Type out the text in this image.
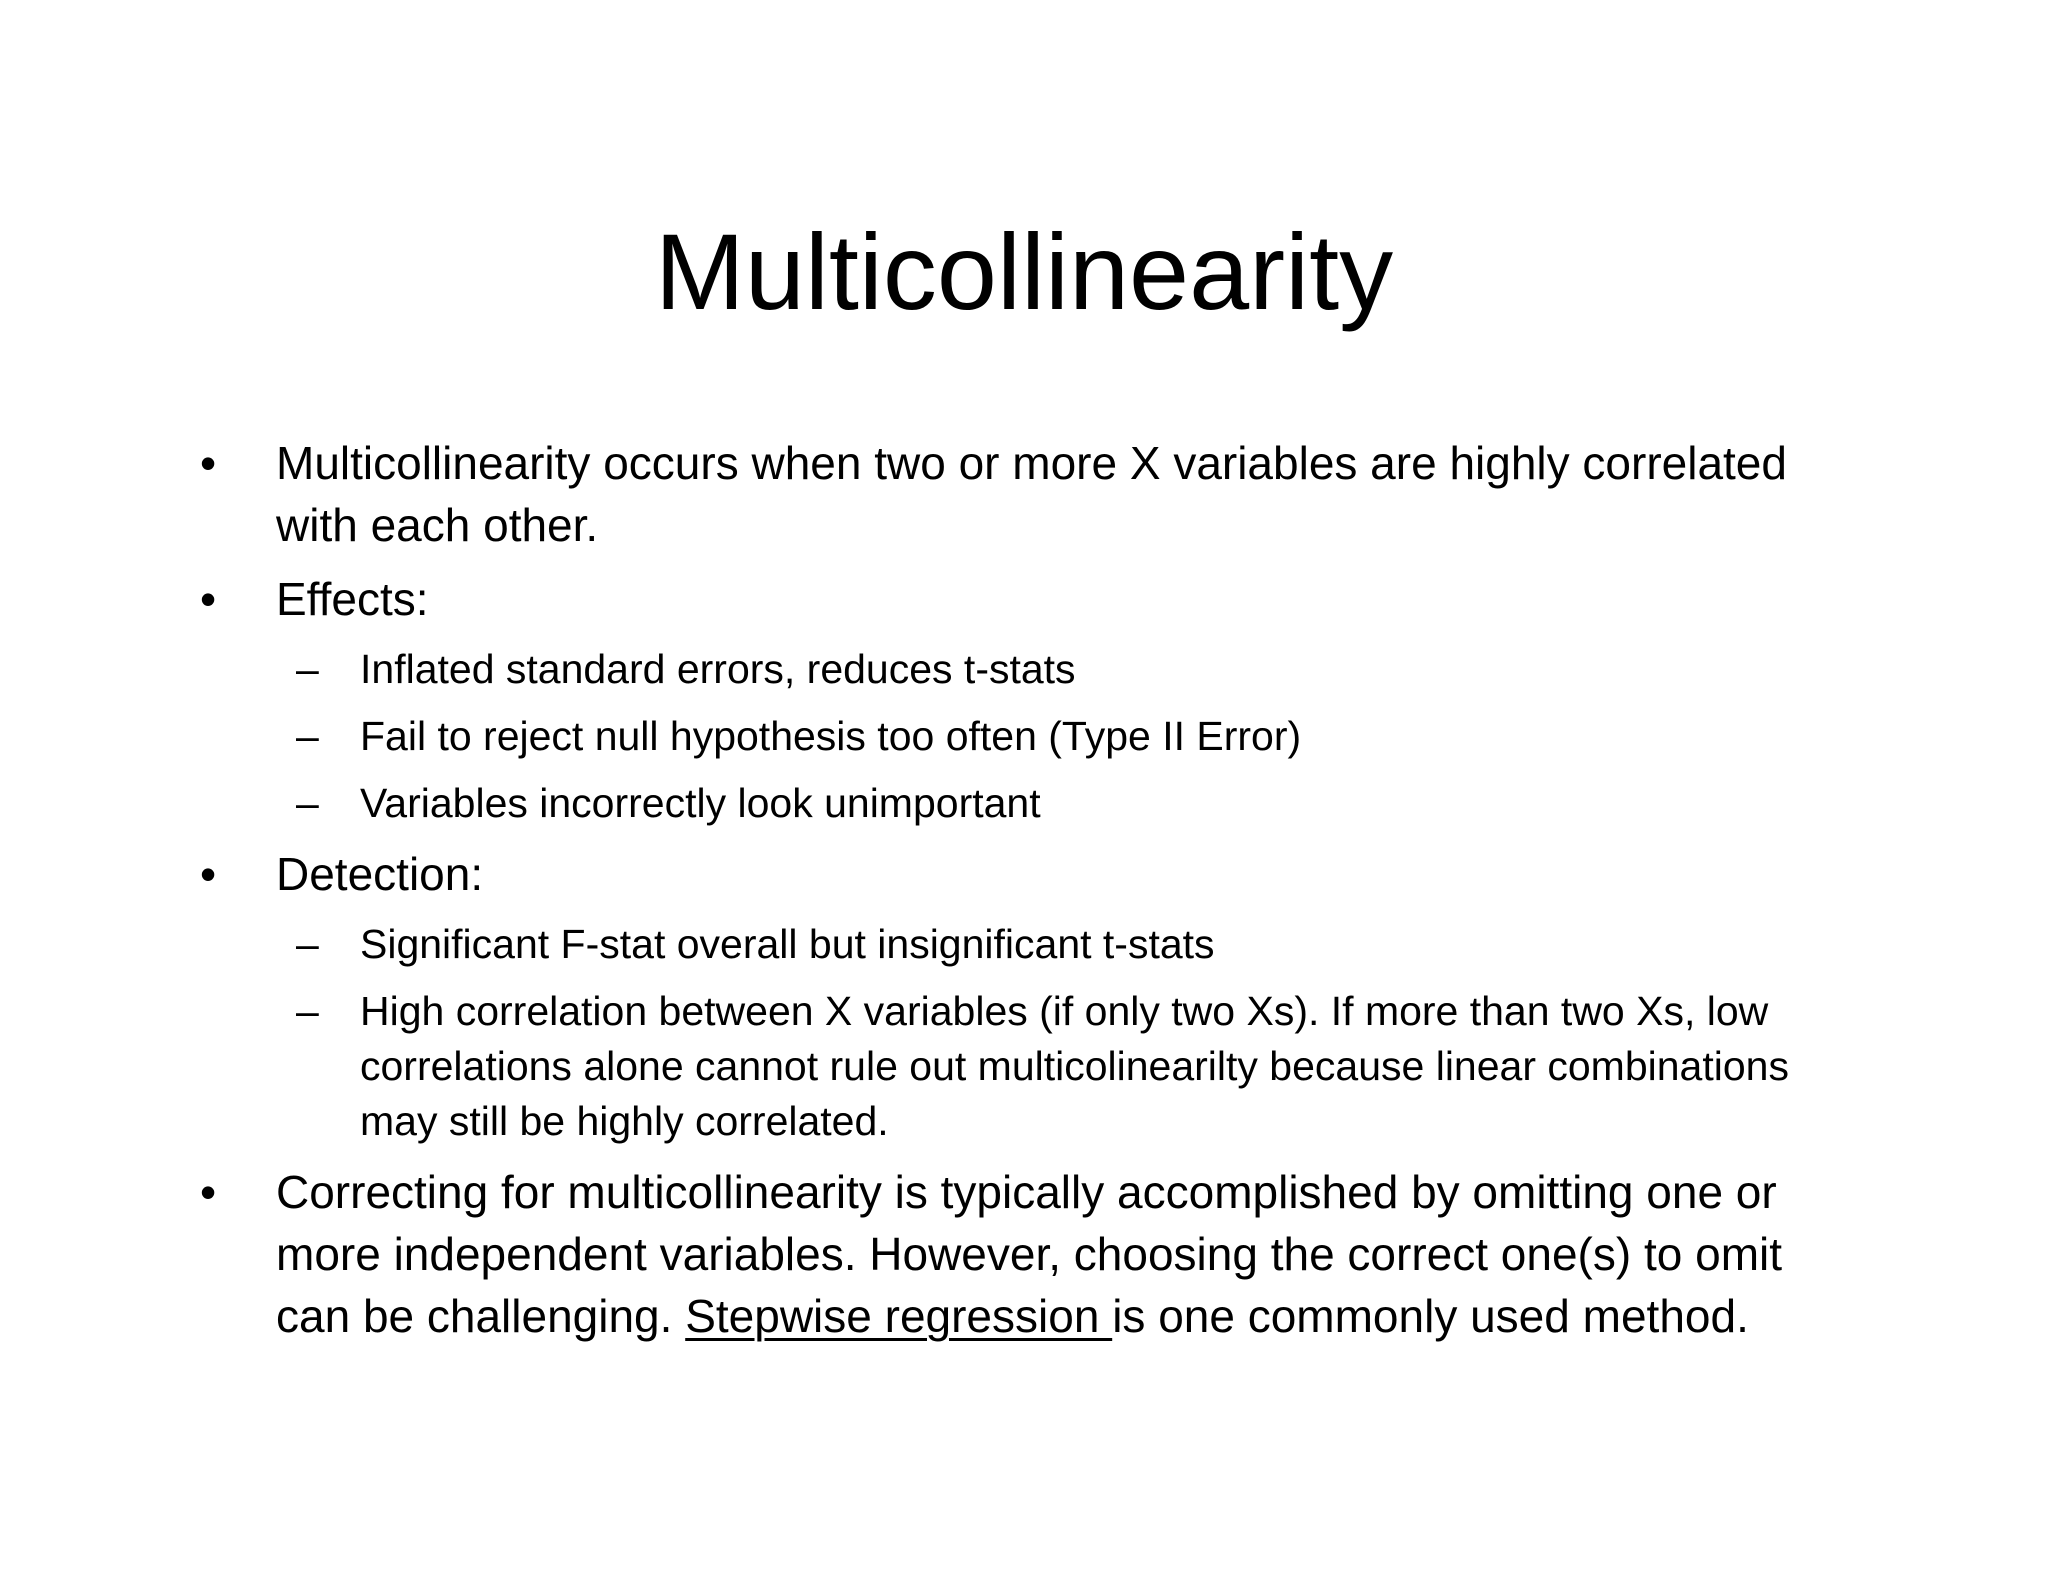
Multicollinearity
•	Multicollinearity occurs when two or more X variables are highly correlated with each other.
•	Effects:
– Inflated standard errors, reduces t-stats
– Fail to reject null hypothesis too often (Type II Error)
– Variables incorrectly look unimportant
•	Detection:
– Significant F-stat overall but insignificant t-stats
– High correlation between X variables (if only two Xs). If more than two Xs, low correlations alone cannot rule out multicolinearilty because linear combinations may still be highly correlated.
•	Correcting for multicollinearity is typically accomplished by omitting one or more independent variables. However, choosing the correct one(s) to omit can be challenging. Stepwise regression is one commonly used method.
